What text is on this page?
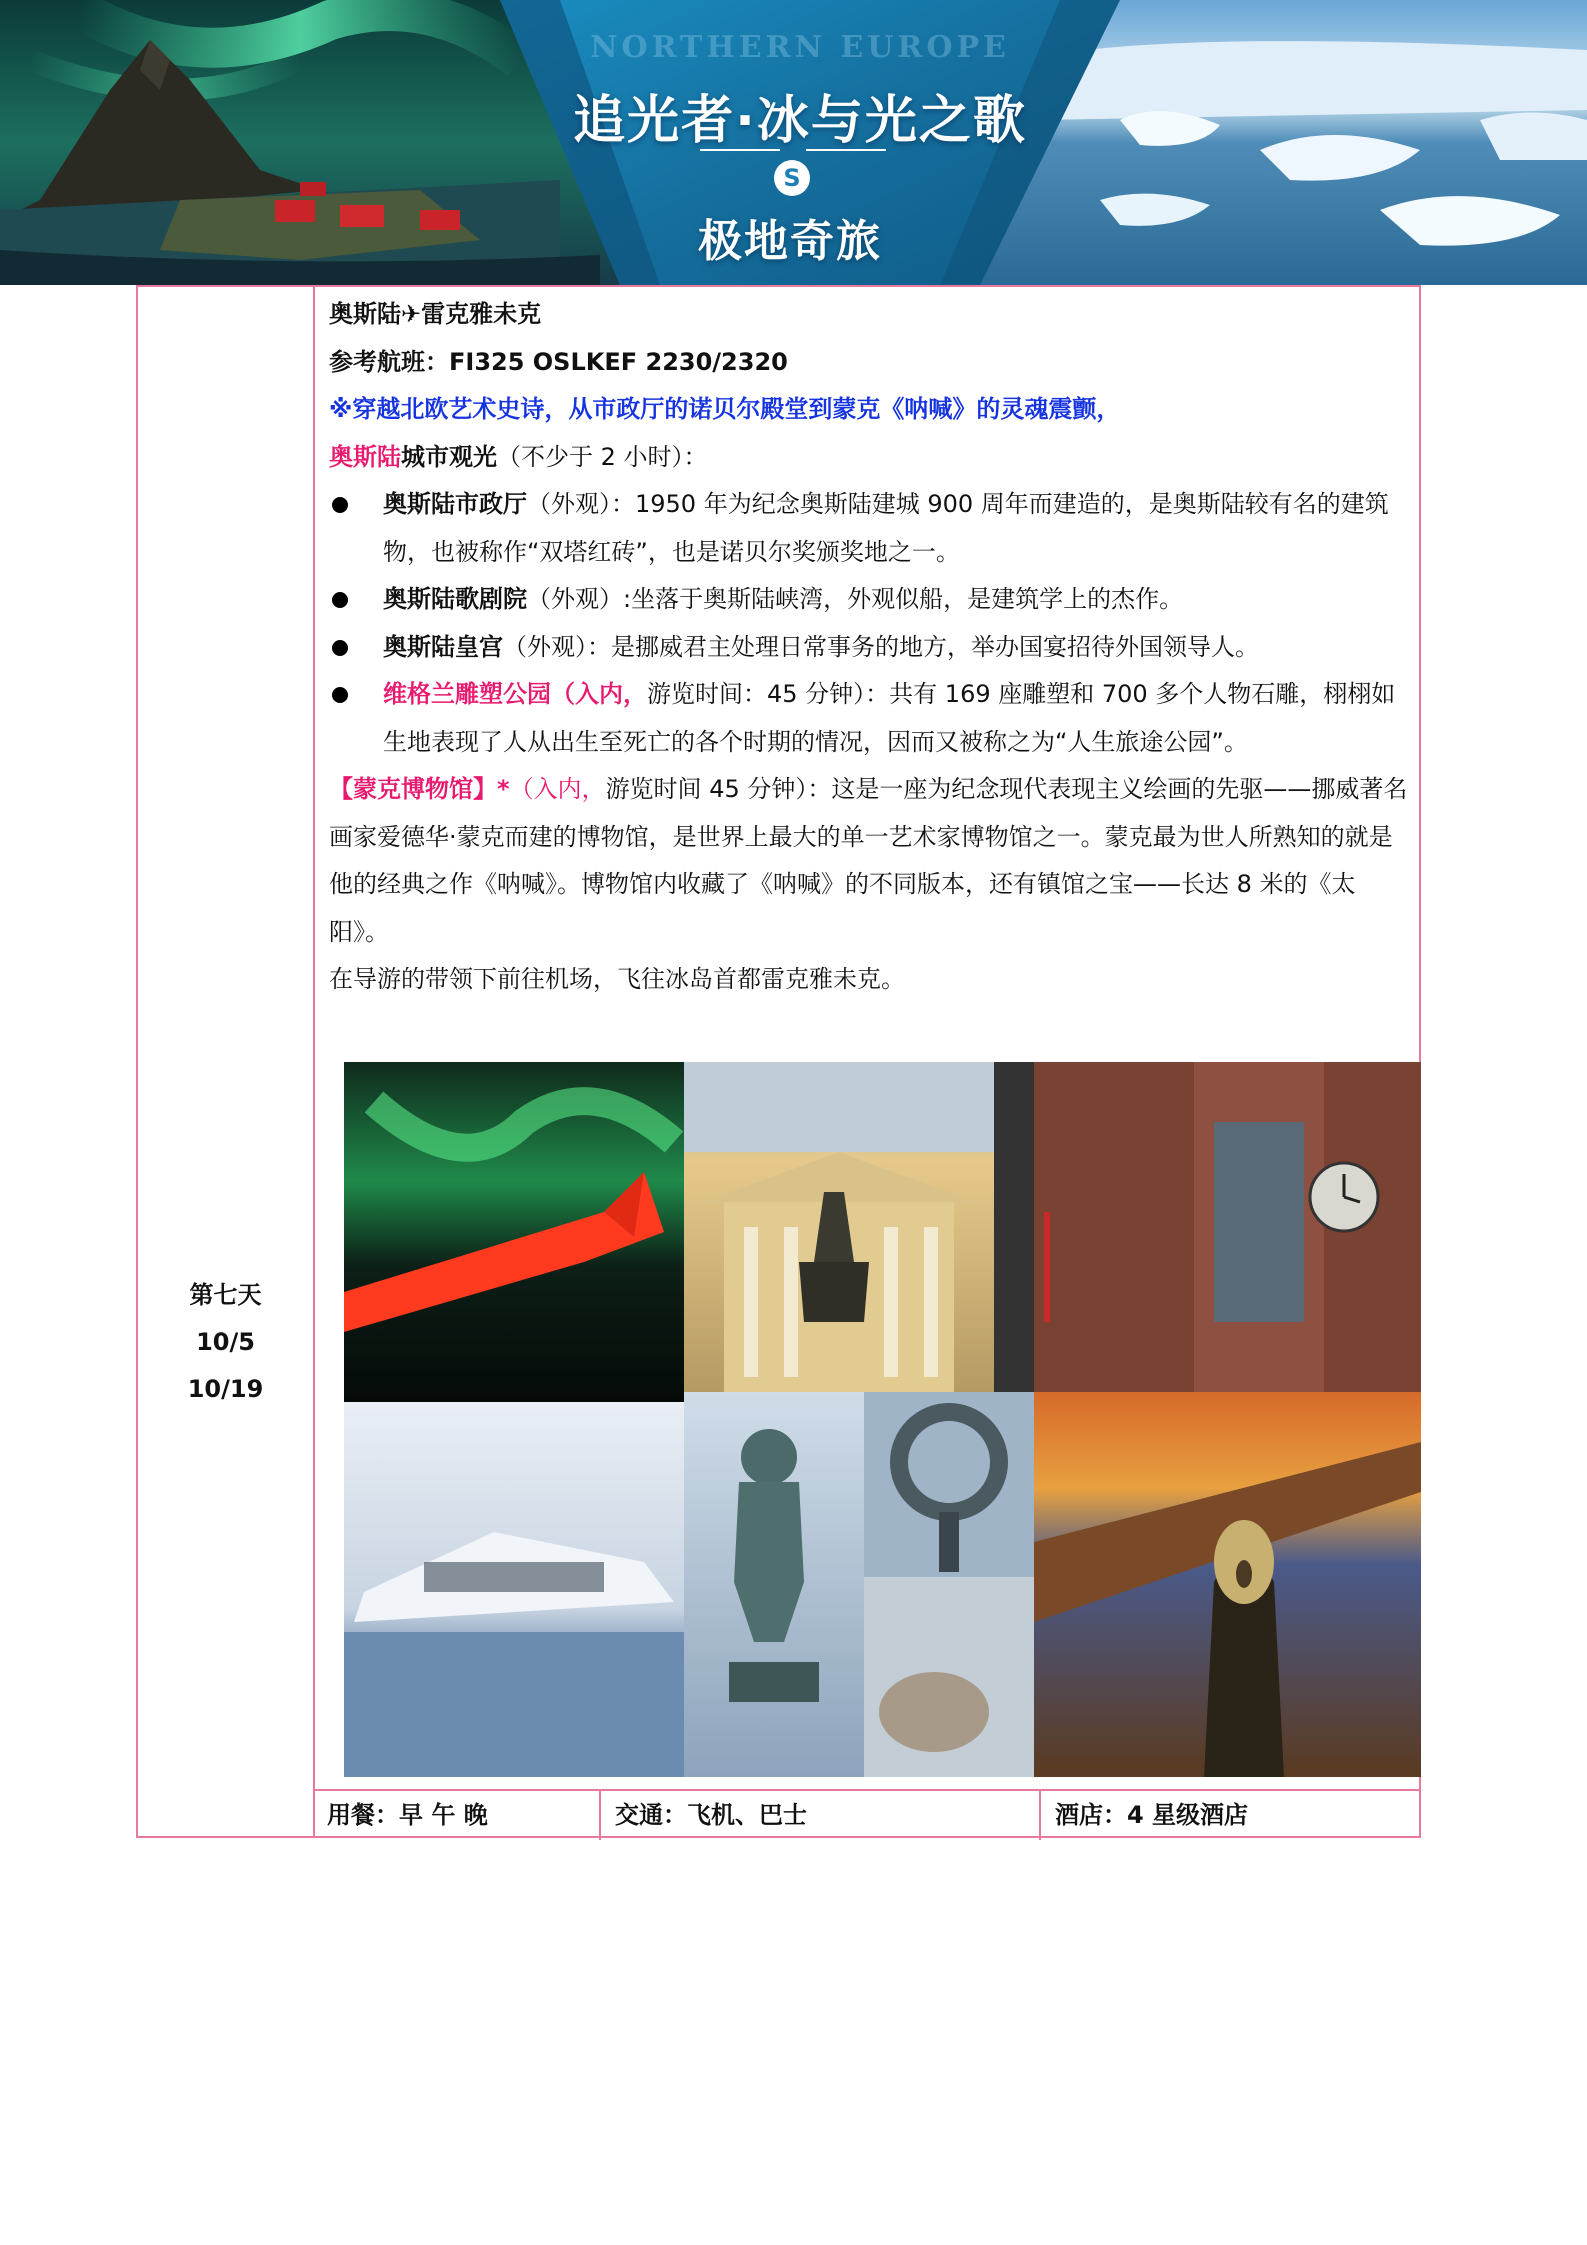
NORTHERN EUROPE
追光者·冰与光之歌
S
极地奇旅
第七天
10/5
10/19

奥斯陆✈雷克雅未克

参考航班：FI325 OSLKEF 2230/2320

※穿越北欧艺术史诗，从市政厅的诺贝尔殿堂到蒙克《呐喊》的灵魂震颤，

奥斯陆城市观光（不少于 2 小时）：

奥斯陆市政厅（外观）：1950 年为纪念奥斯陆建城 900 周年而建造的，是奥斯陆较有名的建筑物，也被称作“双塔红砖”，也是诺贝尔奖颁奖地之一。
奥斯陆歌剧院（外观）:坐落于奥斯陆峡湾，外观似船，是建筑学上的杰作。
奥斯陆皇宫（外观）：是挪威君主处理日常事务的地方，举办国宴招待外国领导人。
维格兰雕塑公园（入内，游览时间：45 分钟）：共有 169 座雕塑和 700 多个人物石雕，栩栩如生地表现了人从出生至死亡的各个时期的情况，因而又被称之为“人生旅途公园”。

【蒙克博物馆】*（入内，游览时间 45 分钟）：这是一座为纪念现代表现主义绘画的先驱——挪威著名画家爱德华·蒙克而建的博物馆，是世界上最大的单一艺术家博物馆之一。蒙克最为世人所熟知的就是他的经典之作《呐喊》。博物馆内收藏了《呐喊》的不同版本，还有镇馆之宝——长达 8 米的《太阳》。

在导游的带领下前往机场，飞往冰岛首都雷克雅未克。

用餐：早 午 晚	交通：飞机、巴士	酒店：4 星级酒店
